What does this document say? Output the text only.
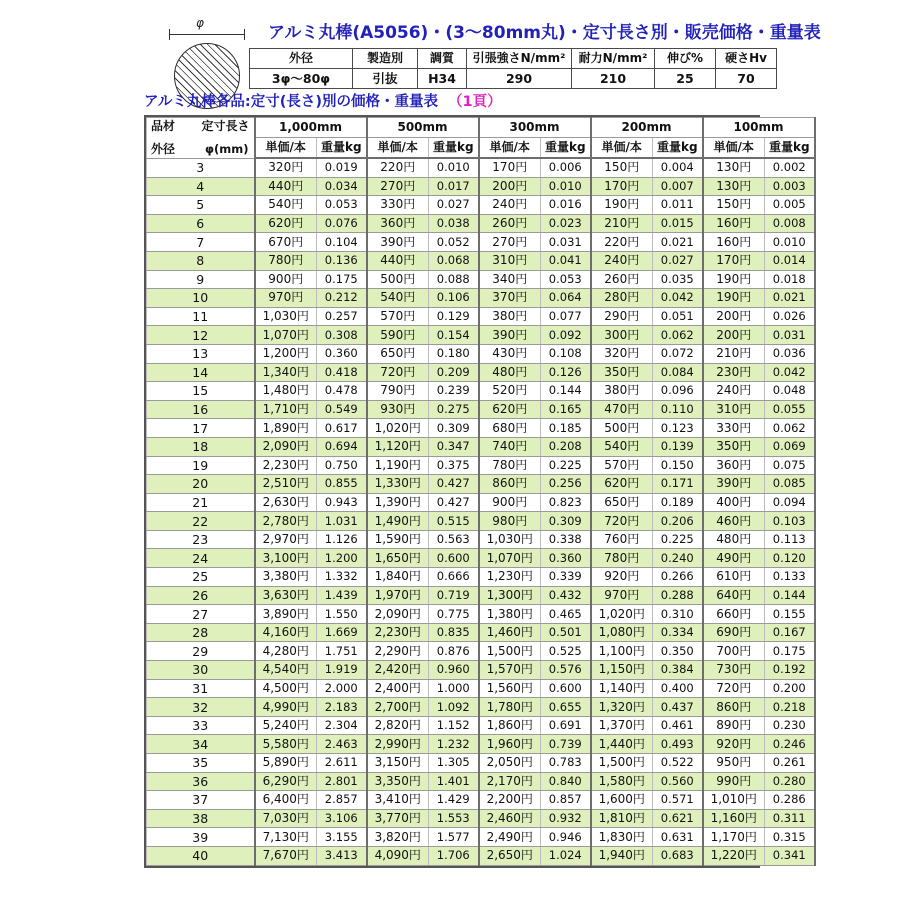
φ	アルミ丸棒(A5056)・(3～80mm丸)・定寸長さ別・販売価格・重量表
外径	製造別	調質	引張強さN/mm²	耐力N/mm²	伸び%	硬さHv
3φ～80φ	引抜	H34	290	210	25	70
アルミ丸棒各品:定寸(長さ)別の価格・重量表 （1頁）
品材 定寸長さ
外径 φ(mm)	1,000mm		500mm		300mm		200mm		100mm	
	単価/本	重量kg	単価/本	重量kg	単価/本	重量kg	単価/本	重量kg	単価/本	重量kg
3	320円	0.019	220円	0.010	170円	0.006	150円	0.004	130円	0.002
4	440円	0.034	270円	0.017	200円	0.010	170円	0.007	130円	0.003
5	540円	0.053	330円	0.027	240円	0.016	190円	0.011	150円	0.005
6	620円	0.076	360円	0.038	260円	0.023	210円	0.015	160円	0.008
7	670円	0.104	390円	0.052	270円	0.031	220円	0.021	160円	0.010
8	780円	0.136	440円	0.068	310円	0.041	240円	0.027	170円	0.014
9	900円	0.175	500円	0.088	340円	0.053	260円	0.035	190円	0.018
10	970円	0.212	540円	0.106	370円	0.064	280円	0.042	190円	0.021
11	1,030円	0.257	570円	0.129	380円	0.077	290円	0.051	200円	0.026
12	1,070円	0.308	590円	0.154	390円	0.092	300円	0.062	200円	0.031
13	1,200円	0.360	650円	0.180	430円	0.108	320円	0.072	210円	0.036
14	1,340円	0.418	720円	0.209	480円	0.126	350円	0.084	230円	0.042
15	1,480円	0.478	790円	0.239	520円	0.144	380円	0.096	240円	0.048
16	1,710円	0.549	930円	0.275	620円	0.165	470円	0.110	310円	0.055
17	1,890円	0.617	1,020円	0.309	680円	0.185	500円	0.123	330円	0.062
18	2,090円	0.694	1,120円	0.347	740円	0.208	540円	0.139	350円	0.069
19	2,230円	0.750	1,190円	0.375	780円	0.225	570円	0.150	360円	0.075
20	2,510円	0.855	1,330円	0.427	860円	0.256	620円	0.171	390円	0.085
21	2,630円	0.943	1,390円	0.427	900円	0.823	650円	0.189	400円	0.094
22	2,780円	1.031	1,490円	0.515	980円	0.309	720円	0.206	460円	0.103
23	2,970円	1.126	1,590円	0.563	1,030円	0.338	760円	0.225	480円	0.113
24	3,100円	1.200	1,650円	0.600	1,070円	0.360	780円	0.240	490円	0.120
25	3,380円	1.332	1,840円	0.666	1,230円	0.339	920円	0.266	610円	0.133
26	3,630円	1.439	1,970円	0.719	1,300円	0.432	970円	0.288	640円	0.144
27	3,890円	1.550	2,090円	0.775	1,380円	0.465	1,020円	0.310	660円	0.155
28	4,160円	1.669	2,230円	0.835	1,460円	0.501	1,080円	0.334	690円	0.167
29	4,280円	1.751	2,290円	0.876	1,500円	0.525	1,100円	0.350	700円	0.175
30	4,540円	1.919	2,420円	0.960	1,570円	0.576	1,150円	0.384	730円	0.192
31	4,500円	2.000	2,400円	1.000	1,560円	0.600	1,140円	0.400	720円	0.200
32	4,990円	2.183	2,700円	1.092	1,780円	0.655	1,320円	0.437	860円	0.218
33	5,240円	2.304	2,820円	1.152	1,860円	0.691	1,370円	0.461	890円	0.230
34	5,580円	2.463	2,990円	1.232	1,960円	0.739	1,440円	0.493	920円	0.246
35	5,890円	2.611	3,150円	1.305	2,050円	0.783	1,500円	0.522	950円	0.261
36	6,290円	2.801	3,350円	1.401	2,170円	0.840	1,580円	0.560	990円	0.280
37	6,400円	2.857	3,410円	1.429	2,200円	0.857	1,600円	0.571	1,010円	0.286
38	7,030円	3.106	3,770円	1.553	2,460円	0.932	1,810円	0.621	1,160円	0.311
39	7,130円	3.155	3,820円	1.577	2,490円	0.946	1,830円	0.631	1,170円	0.315
40	7,670円	3.413	4,090円	1.706	2,650円	1.024	1,940円	0.683	1,220円	0.341
